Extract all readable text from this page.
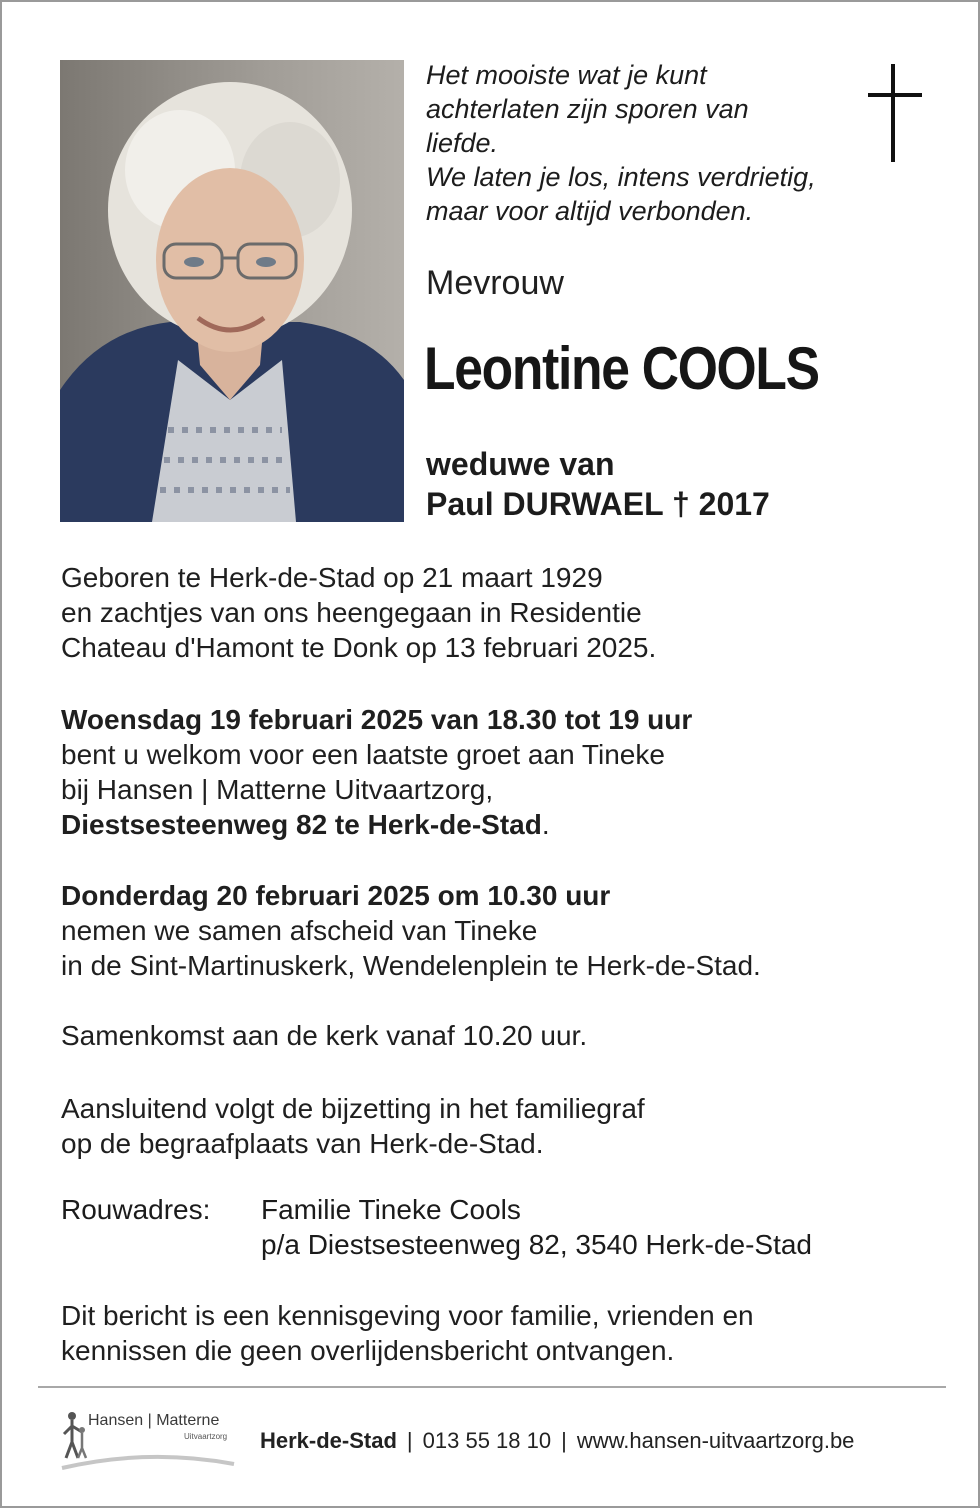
Het mooiste wat je kunt
achterlaten zijn sporen van
liefde.
We laten je los, intens verdrietig,
maar voor altijd verbonden.
Mevrouw
Leontine COOLS
weduwe van
Paul DURWAEL † 2017
Geboren te Herk-de-Stad op 21 maart 1929
en zachtjes van ons heengegaan in Residentie
Chateau d'Hamont te Donk op 13 februari 2025.
Woensdag 19 februari 2025 van 18.30 tot 19 uur
bent u welkom voor een laatste groet aan Tineke
bij Hansen | Matterne Uitvaartzorg,
Diestsesteenweg 82 te Herk-de-Stad.
Donderdag 20 februari 2025 om 10.30 uur
nemen we samen afscheid van Tineke
in de Sint-Martinuskerk, Wendelenplein te Herk-de-Stad.
Samenkomst aan de kerk vanaf 10.20 uur.
Aansluitend volgt de bijzetting in het familiegraf
op de begraafplaats van Herk-de-Stad.
Rouwadres: Familie Tineke Cools
p/a Diestsesteenweg 82, 3540 Herk-de-Stad
Dit bericht is een kennisgeving voor familie, vrienden en
kennissen die geen overlijdensbericht ontvangen.
Hansen | Matterne
Uitvaartzorg Herk-de-Stad | 013 55 18 10 | www.hansen-uitvaartzorg.be
